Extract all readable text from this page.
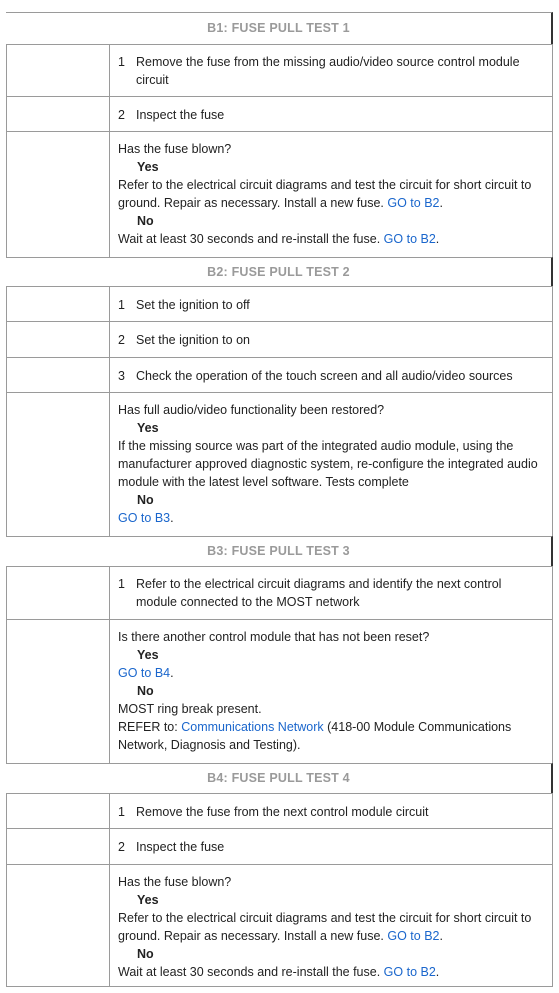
B1: FUSE PULL TEST 1
1 Remove the fuse from the missing audio/video source control module circuit
2 Inspect the fuse
Has the fuse blown?
Yes
Refer to the electrical circuit diagrams and test the circuit for short circuit to ground. Repair as necessary. Install a new fuse. GO to B2.
No
Wait at least 30 seconds and re-install the fuse. GO to B2.
B2: FUSE PULL TEST 2
1 Set the ignition to off
2 Set the ignition to on
3 Check the operation of the touch screen and all audio/video sources
Has full audio/video functionality been restored?
Yes
If the missing source was part of the integrated audio module, using the manufacturer approved diagnostic system, re-configure the integrated audio module with the latest level software. Tests complete
No
GO to B3.
B3: FUSE PULL TEST 3
1 Refer to the electrical circuit diagrams and identify the next control module connected to the MOST network
Is there another control module that has not been reset?
Yes
GO to B4.
No
MOST ring break present.
REFER to: Communications Network (418-00 Module Communications Network, Diagnosis and Testing).
B4: FUSE PULL TEST 4
1 Remove the fuse from the next control module circuit
2 Inspect the fuse
Has the fuse blown?
Yes
Refer to the electrical circuit diagrams and test the circuit for short circuit to ground. Repair as necessary. Install a new fuse. GO to B2.
No
Wait at least 30 seconds and re-install the fuse. GO to B2.
